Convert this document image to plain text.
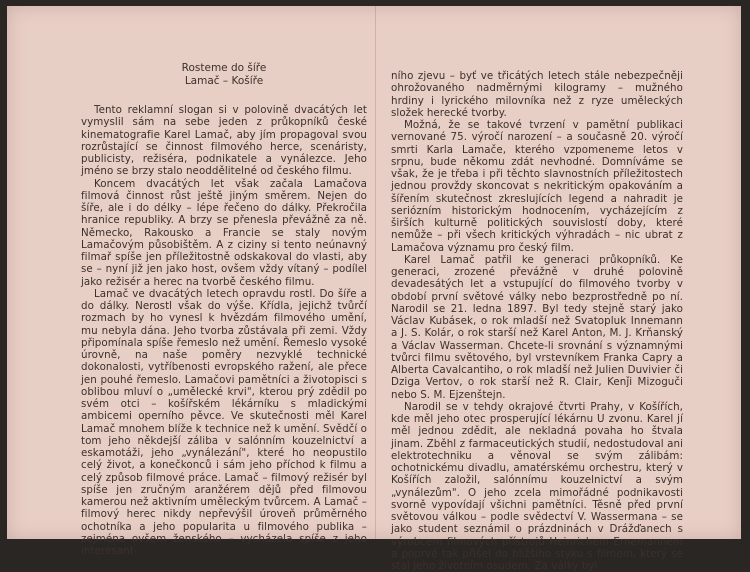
Rosteme do šíře
Lamač – Košíře

Tento reklamní slogan si v polovině dvacátých let vymyslil sám na sebe jeden z průkopníků české kinematografie Karel Lamač, aby jím propagoval svou rozrůstající se činnost filmového herce, scenáristy, publicisty, režiséra, podnikatele a vynálezce. Jeho jméno se brzy stalo neoddělitelné od českého filmu.

Koncem dvacátých let však začala Lamačova filmová činnost růst ještě jiným směrem. Nejen do šíře, ale i do délky – lépe řečeno do dálky. Překročila hranice republiky. A brzy se přenesla převážně za ně. Německo, Rakousko a Francie se staly novým Lamačovým působištěm. A z ciziny si tento neúnavný filmař spíše jen příležitostně odskakoval do vlasti, aby se – nyní již jen jako host, ovšem vždy vítaný – podílel jako režisér a herec na tvorbě českého filmu.

Lamač ve dvacátých letech opravdu rostl. Do šíře a do dálky. Nerostl však do výše. Křídla, jejichž tvůrčí rozmach by ho vynesl k hvězdám filmového umění, mu nebyla dána. Jeho tvorba zůstávala při zemi. Vždy připomínala spíše řemeslo než umění. Řemeslo vysoké úrovně, na naše poměry nezvyklé technické dokonalosti, vytříbenosti evropského ražení, ale přece jen pouhé řemeslo. Lamačovi pamětníci a životopisci s oblibou mluví o „umělecké krvi", kterou prý zdědil po svém otci – košířském lékárníku s mladickými ambicemi operního pěvce. Ve skutečnosti měl Karel Lamač mnohem blíže k technice než k umění. Svědčí o tom jeho někdejší záliba v salónním kouzelnictví a eskamotáži, jeho „vynálezání", které ho neopustilo celý život, a konečkonců i sám jeho příchod k filmu a celý způsob filmové práce. Lamač – filmový režisér byl spíše jen zručným aranžérem dějů před filmovou kamerou než aktivním uměleckým tvůrcem. A Lamač – filmový herec nikdy nepřevýšil úroveň průměrného ochotníka a jeho popularita u filmového publika – zejména ovšem ženského – vycházela spíše z jeho interesant-

ního zjevu – byť ve třicátých letech stále nebezpečněji ohrožovaného nadměrnými kilogramy – mužného hrdiny i lyrického milovníka než z ryze uměleckých složek herecké tvorby.

Možná, že se takové tvrzení v pamětní publikaci vernované 75. výročí narození – a současně 20. výročí smrti Karla Lamače, kterého vzpomeneme letos v srpnu, bude někomu zdát nevhodné. Domníváme se však, že je třeba i při těchto slavnostních příležitostech jednou provždy skoncovat s nekritickým opakováním a šířením skutečnost zkreslujících legend a nahradit je seriózním historickým hodnocením, vycházejícím z širších kulturně politických souvislostí doby, které nemůže – při všech kritických výhradách – nic ubrat z Lamačova významu pro český film.

Karel Lamač patřil ke generaci průkopníků. Ke generaci, zrozené převážně v druhé polovině devadesátých let a vstupující do filmového tvorby v období první světové války nebo bezprostředně po ní. Narodil se 21. ledna 1897. Byl tedy stejně starý jako Václav Kubásek, o rok mladší než Svatopluk Innemann a J. S. Kolár, o rok starší než Karel Anton, M. J. Krňanský a Václav Wasserman. Chcete-li srovnání s významnými tvůrci filmu světového, byl vrstevníkem Franka Capry a Alberta Cavalcantiho, o rok mladší než Julien Duvivier či Dziga Vertov, o rok starší než R. Clair, Kenǰi Mizoguči nebo S. M. Ejzenštejn.

Narodil se v tehdy okrajové čtvrti Prahy, v Košířích, kde měl jeho otec prosperující lékárnu U zvonu. Karel jí měl jednou zdědit, ale nekladná povaha ho štvala jinam. Zběhl z farmaceutických studií, nedostudoval ani elektrotechniku a věnoval se svým zálibám: ochotnickému divadlu, amatérskému orchestru, který v Košířích založil, salónnímu kouzelnictví a svým „vynálezům". O jeho zcela mimořádné podnikavosti svorně vypovídají všichni pamětníci. Těsně před první světovou válkou – podle svědectví V. Wassermana – se jako student seznámil o prázdninách v Drážďanech s výrobcem filmových přístrojů Heinrichem Ernemannem a poprvé tak přišel do bližšího styku s filmem, který se stal jeho životním osudem. Za války byl
